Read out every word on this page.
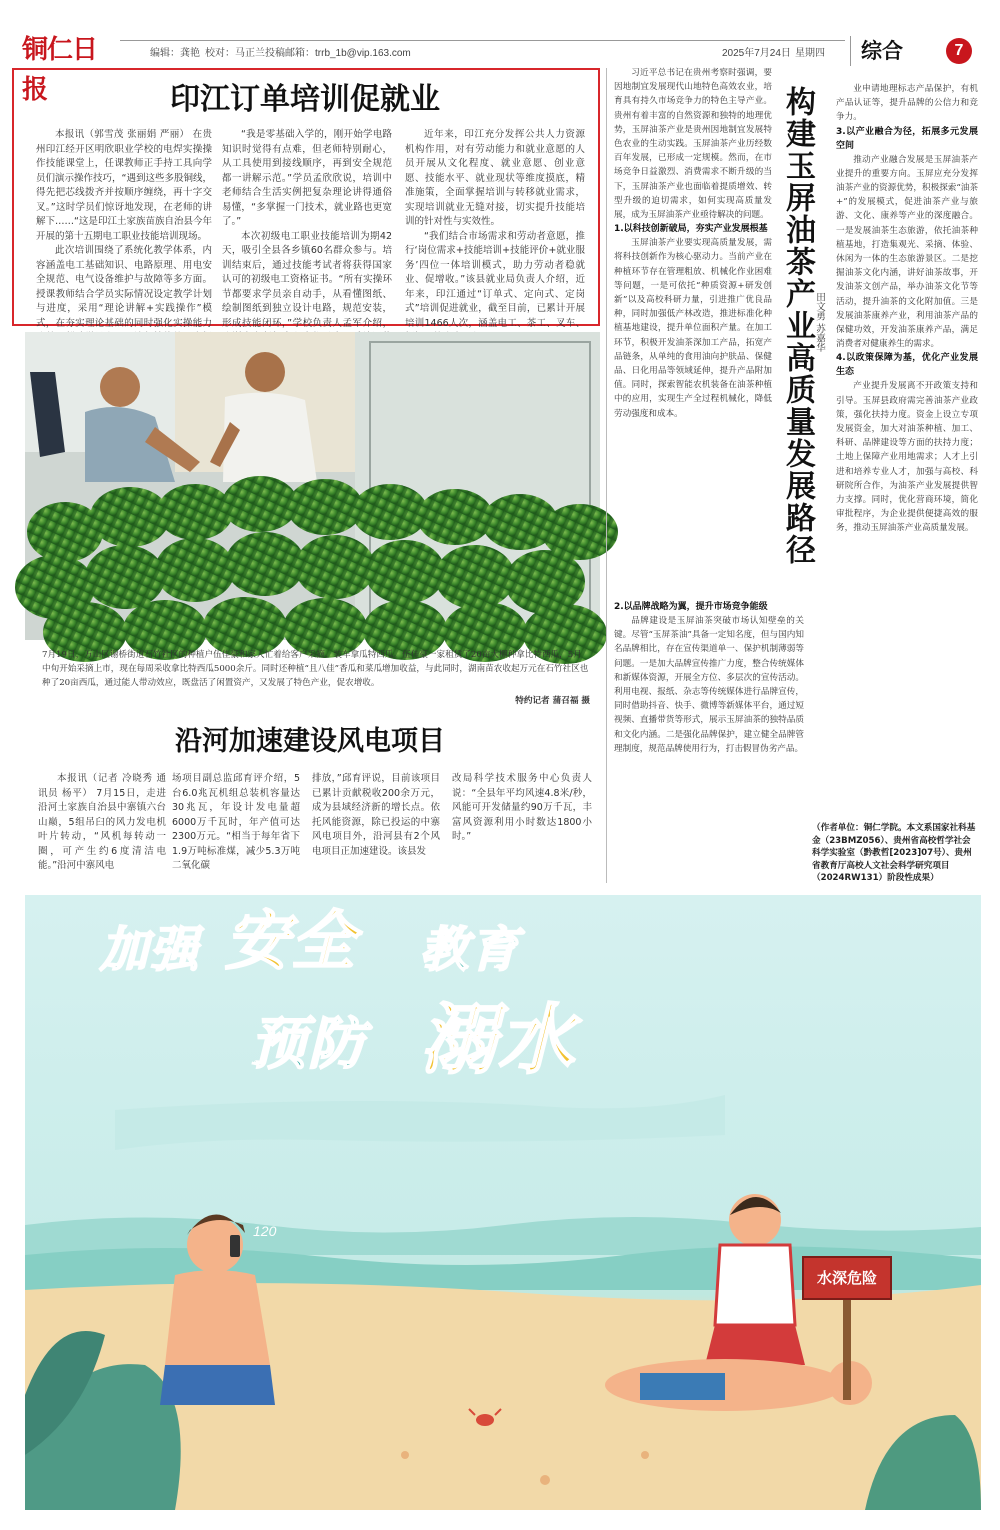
铜仁日报
编辑：龚艳 校对：马正兰 投稿邮箱：trrb_1b@vip.163.com	2025年7月24日 星期四	综合	7
印江订单培训促就业

本报讯（郭雪茂 张丽娟 严丽） 在贵州印江经开区明欣职业学校的电焊实操操作技能课堂上，任课教师正手持工具向学员们演示操作技巧，“遇到这些多股铜线，得先把芯线拨齐并按顺序缠绕，再十字交叉。”这时学员们惊讶地发现，在老师的讲解下……“这是印江土家族苗族自治县今年开展的第十五期电工职业技能培训现场。

此次培训围绕了系统化教学体系，内容涵盖电工基础知识、电路原理、用电安全规范、电气设备维护与故障等多方面。授课教师结合学员实际情况设定教学计划与进度，采用“理论讲解+实践操作”模式，在夯实理论基础的同时强化实操能力

“我是零基础入学的，刚开始学电路知识时觉得有点难，但老师特别耐心，从工具使用到接线顺序，再到安全规范都一讲解示范。”学员孟欣欣说，培训中老师结合生活实例把复杂理论讲得通俗易懂，“多掌握一门技术，就业路也更宽了。”

本次初级电工职业技能培训为期42天，吸引全县各乡镇60名群众参与。培训结束后，通过技能考试者将获得国家认可的初级电工资格证书。“所有实操环节都要求学员亲自动手，从看懂图纸、绘制图纸到独立设计电路，规范安装，形成技能闭环，”学校负责人孟军介绍，

近年来，印江充分发挥公共人力资源机构作用，对有劳动能力和就业意愿的人员开展从文化程度、就业意愿、创业意愿、技能水平、就业现状等维度摸底，精准施策，全面掌握培训与转移就业需求，实现培训就业无缝对接，切实提升技能培训的针对性与实效性。

“我们结合市场需求和劳动者意愿，推行‘岗位需求+技能培训+技能评价+就业服务’四位一体培训模式，助力劳动者稳就业、促增收。”该县就业局负责人介绍，近年来，印江通过“订单式、定向式、定岗式”培训促进就业，截至目前，已累计开展培训1466人次，涵盖电工、茶工、叉车、

7月19日，万山区谢桥街道石竹社区的种植户伍佳豪和家人忙着给客户采摘、装车拿瓜特西瓜。伍佳豪一家租赁了20亩大棚种拿比特西瓜，5月中旬开始采摘上市，现在每周采收拿比特西瓜5000余斤。同时还种植“且八佳”香瓜和菜瓜增加收益，与此同时，湖南苗农收起万元在石竹社区也种了20亩西瓜，通过能人带动效应，既盘活了闲置资产，又发展了特色产业，促农增收。
特约记者 蒲召福 摄
沿河加速建设风电项目

本报讯（记者 冷晓秀 通讯员 杨平） 7月15日，走进沿河土家族自治县中寨镇六台山巅，5组吊臼的风力发电机叶片转动，“风机每转动一圈，可产生约6度清洁电能。”沿河中寨风电

场项目副总监邱育评介绍，5台6.0兆瓦机组总装机容量达30兆瓦，年设计发电量超6000万千瓦时，年产值可达2300万元。“相当于每年省下1.9万吨标准煤，减少5.3万吨二氧化碳

排放，”邱育评说，目前该项目已累计贡献税收200余万元，成为县域经济新的增长点。依托风能资源，除已投运的中寨风电项目外，沿河县有2个风电项目正加速建设。该县发

改局科学技术服务中心负责人说：“全县年平均风速4.8米/秒，风能可开发储量约90万千瓦，丰富风资源利用小时数达1800小时。”

习近平总书记在贵州考察时强调，要因地制宜发展现代山地特色高效农业，培育具有持久市场竞争力的特色主导产业。贵州有着丰富的自然资源和独特的地理优势，玉屏油茶产业是贵州因地制宜发展特色农业的生动实践。玉屏油茶产业历经数百年发展，已形成一定规模。然而，在市场竞争日益激烈、消费需求不断升级的当下，玉屏油茶产业也面临着提质增效、转型升级的迫切需求，如何实现高质量发展，成为玉屏油茶产业亟待解决的问题。

1.以科技创新破局，夯实产业发展根基

玉屏油茶产业要实现高质量发展，需将科技创新作为核心驱动力。当前产业在种植环节存在管理粗放、机械化作业困难等问题，一是可依托“种质资源+研发创新”以及高校科研力量，引进推广优良品种，同时加强低产林改造，推进标准化种植基地建设，提升单位面积产量。在加工环节，积极开发油茶深加工产品，拓宽产品链条，从单纯的食用油向护肤品、保健品、日化用品等领域延伸，提升产品附加值。同时，探索智能农机装备在油茶种植中的应用，实现生产全过程机械化，降低劳动强度和成本。

2.以品牌战略为翼，提升市场竞争能级

品牌建设是玉屏油茶突破市场认知壁垒的关键。尽管“玉屏茶油”具备一定知名度，但与国内知名品牌相比，存在宣传渠道单一、保护机制薄弱等问题。一是加大品牌宣传推广力度，整合传统媒体和新媒体资源，开展全方位、多层次的宣传活动。利用电视、报纸、杂志等传统媒体进行品牌宣传，同时借助抖音、快手、微博等新媒体平台，通过短视频、直播带货等形式，展示玉屏油茶的独特品质和文化内涵。二是强化品牌保护，建立健全品牌管理制度，规范品牌使用行为，打击假冒伪劣产品。

构建玉屏油茶产业高质量发展路径 田文勇 苏嘉华

业申请地理标志产品保护，有机产品认证等，提升品牌的公信力和竞争力。

3.以产业融合为径，拓展多元发展空间

推动产业融合发展是玉屏油茶产业提升的重要方向。玉屏应充分发挥油茶产业的资源优势，积极探索“油茶+”的发展模式，促进油茶产业与旅游、文化、康养等产业的深度融合。一是发展油茶生态旅游，依托油茶种植基地，打造集观光、采摘、体验、休闲为一体的生态旅游景区。二是挖掘油茶文化内涵，讲好油茶故事，开发油茶文创产品，举办油茶文化节等活动，提升油茶的文化附加值。三是发展油茶康养产业，利用油茶产品的保健功效，开发油茶康养产品，满足消费者对健康养生的需求。

4.以政策保障为基，优化产业发展生态

产业提升发展离不开政策支持和引导。玉屏县政府需完善油茶产业政策，强化扶持力度。资金上设立专项发展资金，加大对油茶种植、加工、科研、品牌建设等方面的扶持力度；土地上保障产业用地需求；人才上引进和培养专业人才，加强与高校、科研院所合作，为油茶产业发展提供智力支撑。同时，优化营商环境，简化审批程序，为企业提供便捷高效的服务，推动玉屏油茶产业高质量发展。

（作者单位：铜仁学院。本文系国家社科基金（23BMZ056）、贵州省高校哲学社会科学实验室（黔教哲[2023]07号）、贵州省教育厅高校人文社会科学研究项目（2024RW131）阶段性成果）
加强 安全 教育
预防 溺水
水深危险
120
